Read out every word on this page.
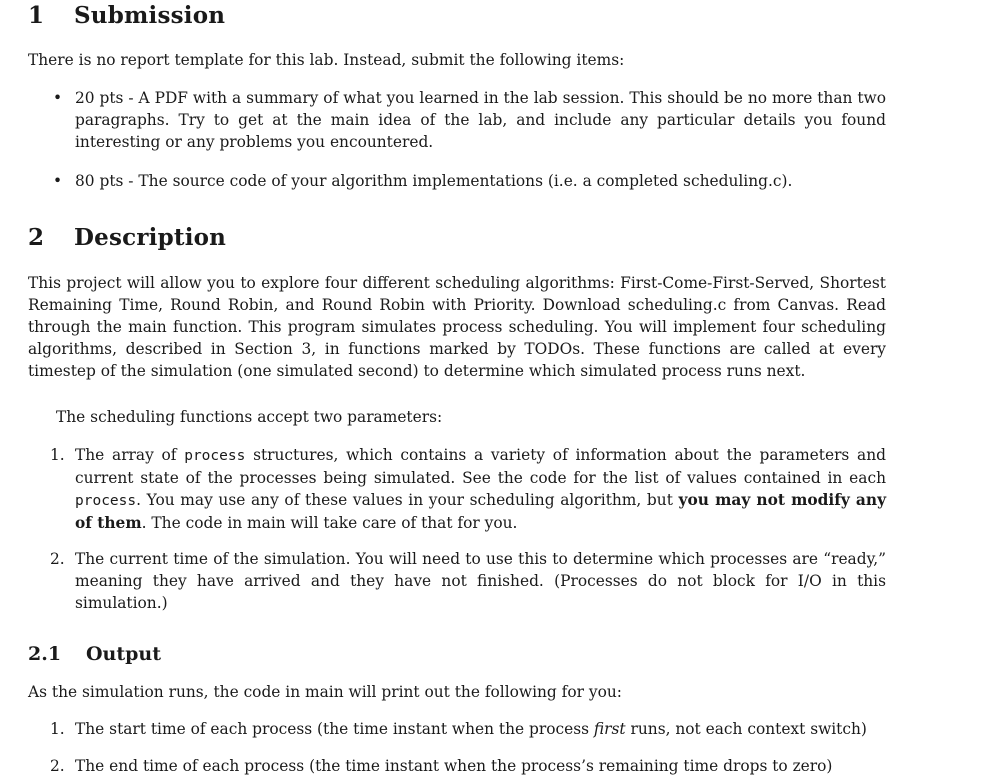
1 Submission

There is no report template for this lab. Instead, submit the following items:

• 20 pts - A PDF with a summary of what you learned in the lab session. This should be no more than two paragraphs. Try to get at the main idea of the lab, and include any particular details you found interesting or any problems you encountered.
• 80 pts - The source code of your algorithm implementations (i.e. a completed scheduling.c).
2 Description

This project will allow you to explore four different scheduling algorithms: First-Come-First-Served, Shortest Remaining Time, Round Robin, and Round Robin with Priority. Download scheduling.c from Canvas. Read through the main function. This program simulates process scheduling. You will implement four scheduling algorithms, described in Section 3, in functions marked by TODOs. These functions are called at every timestep of the simulation (one simulated second) to determine which simulated process runs next.

The scheduling functions accept two parameters:

1. The array of process structures, which contains a variety of information about the parameters and current state of the processes being simulated. See the code for the list of values contained in each process. You may use any of these values in your scheduling algorithm, but you may not modify any of them. The code in main will take care of that for you.
2. The current time of the simulation. You will need to use this to determine which processes are “ready,” meaning they have arrived and they have not finished. (Processes do not block for I/O in this simulation.)
2.1 Output

As the simulation runs, the code in main will print out the following for you:

1. The start time of each process (the time instant when the process first runs, not each context switch)
2. The end time of each process (the time instant when the process’s remaining time drops to zero)
